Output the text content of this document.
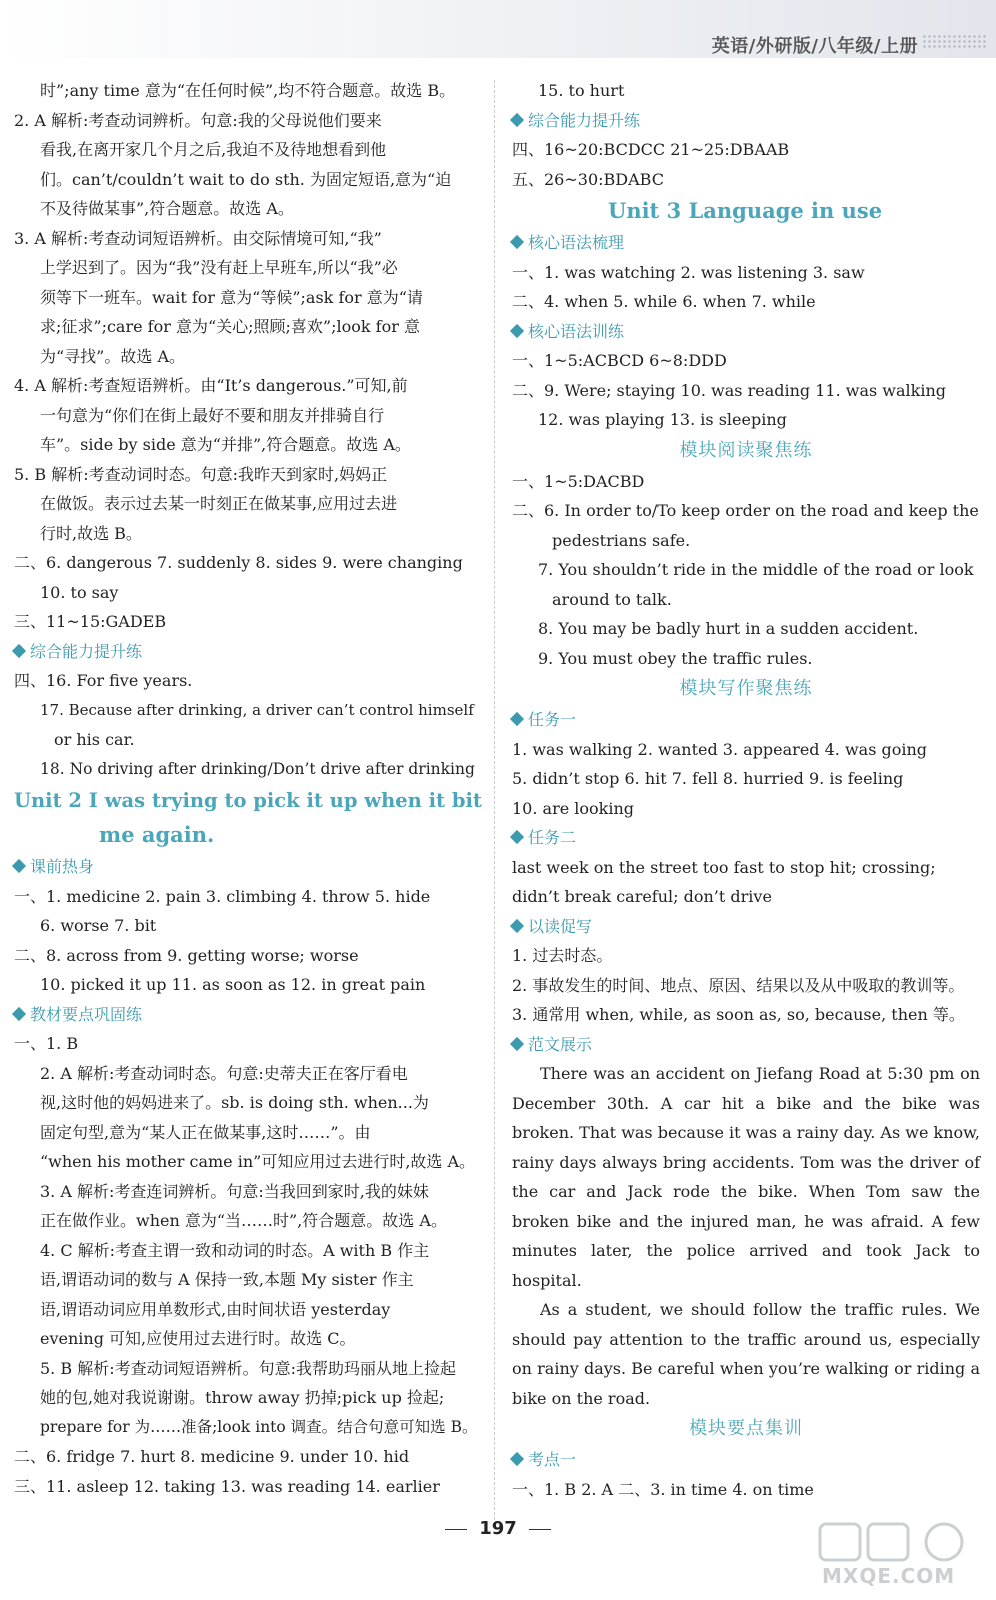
英语/外研版/八年级/上册
时”;any time 意为“在任何时候”,均不符合题意。故选 B。
2. A 解析:考查动词辨析。句意:我的父母说他们要来
看我,在离开家几个月之后,我迫不及待地想看到他
们。can’t/couldn’t wait to do sth. 为固定短语,意为“迫
不及待做某事”,符合题意。故选 A。
3. A 解析:考查动词短语辨析。由交际情境可知,“我”
上学迟到了。因为“我”没有赶上早班车,所以“我”必
须等下一班车。wait for 意为“等候”;ask for 意为“请
求;征求”;care for 意为“关心;照顾;喜欢”;look for 意
为“寻找”。故选 A。
4. A 解析:考查短语辨析。由“It’s dangerous.”可知,前
一句意为“你们在街上最好不要和朋友并排骑自行
车”。side by side 意为“并排”,符合题意。故选 A。
5. B 解析:考查动词时态。句意:我昨天到家时,妈妈正
在做饭。表示过去某一时刻正在做某事,应用过去进
行时,故选 B。
二、6. dangerous 7. suddenly 8. sides 9. were changing
10. to say
三、11~15:GADEB
综合能力提升练
四、16. For five years.
17. Because after drinking, a driver can’t control himself
or his car.
18. No driving after drinking/Don’t drive after drinking
Unit 2 I was trying to pick it up when it bit
me again.
课前热身
一、1. medicine 2. pain 3. climbing 4. throw 5. hide
6. worse 7. bit
二、8. across from 9. getting worse; worse
10. picked it up 11. as soon as 12. in great pain
教材要点巩固练
一、1. B
2. A 解析:考查动词时态。句意:史蒂夫正在客厅看电
视,这时他的妈妈进来了。sb. is doing sth. when...为
固定句型,意为“某人正在做某事,这时……”。由
“when his mother came in”可知应用过去进行时,故选 A。
3. A 解析:考查连词辨析。句意:当我回到家时,我的妹妹
正在做作业。when 意为“当……时”,符合题意。故选 A。
4. C 解析:考查主谓一致和动词的时态。A with B 作主
语,谓语动词的数与 A 保持一致,本题 My sister 作主
语,谓语动词应用单数形式,由时间状语 yesterday
evening 可知,应使用过去进行时。故选 C。
5. B 解析:考查动词短语辨析。句意:我帮助玛丽从地上捡起
她的包,她对我说谢谢。throw away 扔掉;pick up 捡起;
prepare for 为……准备;look into 调查。结合句意可知选 B。
二、6. fridge 7. hurt 8. medicine 9. under 10. hid
三、11. asleep 12. taking 13. was reading 14. earlier
15. to hurt
综合能力提升练
四、16~20:BCDCC 21~25:DBAAB
五、26~30:BDABC
Unit 3 Language in use
核心语法梳理
一、1. was watching 2. was listening 3. saw
二、4. when 5. while 6. when 7. while
核心语法训练
一、1~5:ACBCD 6~8:DDD
二、9. Were; staying 10. was reading 11. was walking
12. was playing 13. is sleeping
模块阅读聚焦练
一、1~5:DACBD
二、6. In order to/To keep order on the road and keep the
pedestrians safe.
7. You shouldn’t ride in the middle of the road or look
around to talk.
8. You may be badly hurt in a sudden accident.
9. You must obey the traffic rules.
模块写作聚焦练
任务一
1. was walking 2. wanted 3. appeared 4. was going
5. didn’t stop 6. hit 7. fell 8. hurried 9. is feeling
10. are looking
任务二
last week on the street too fast to stop hit; crossing;
didn’t break careful; don’t drive
以读促写
1. 过去时态。
2. 事故发生的时间、地点、原因、结果以及从中吸取的教训等。
3. 通常用 when, while, as soon as, so, because, then 等。
范文展示
There was an accident on Jiefang Road at 5:30 pm on December 30th. A car hit a bike and the bike was broken. That was because it was a rainy day. As we know, rainy days always bring accidents. Tom was the driver of the car and Jack rode the bike. When Tom saw the broken bike and the injured man, he was afraid. A few minutes later, the police arrived and took Jack to hospital.
As a student, we should follow the traffic rules. We should pay attention to the traffic around us, especially on rainy days. Be careful when you’re walking or riding a bike on the road.
模块要点集训
考点一
一、1. B 2. A 二、3. in time 4. on time
197
MXQE.COM
